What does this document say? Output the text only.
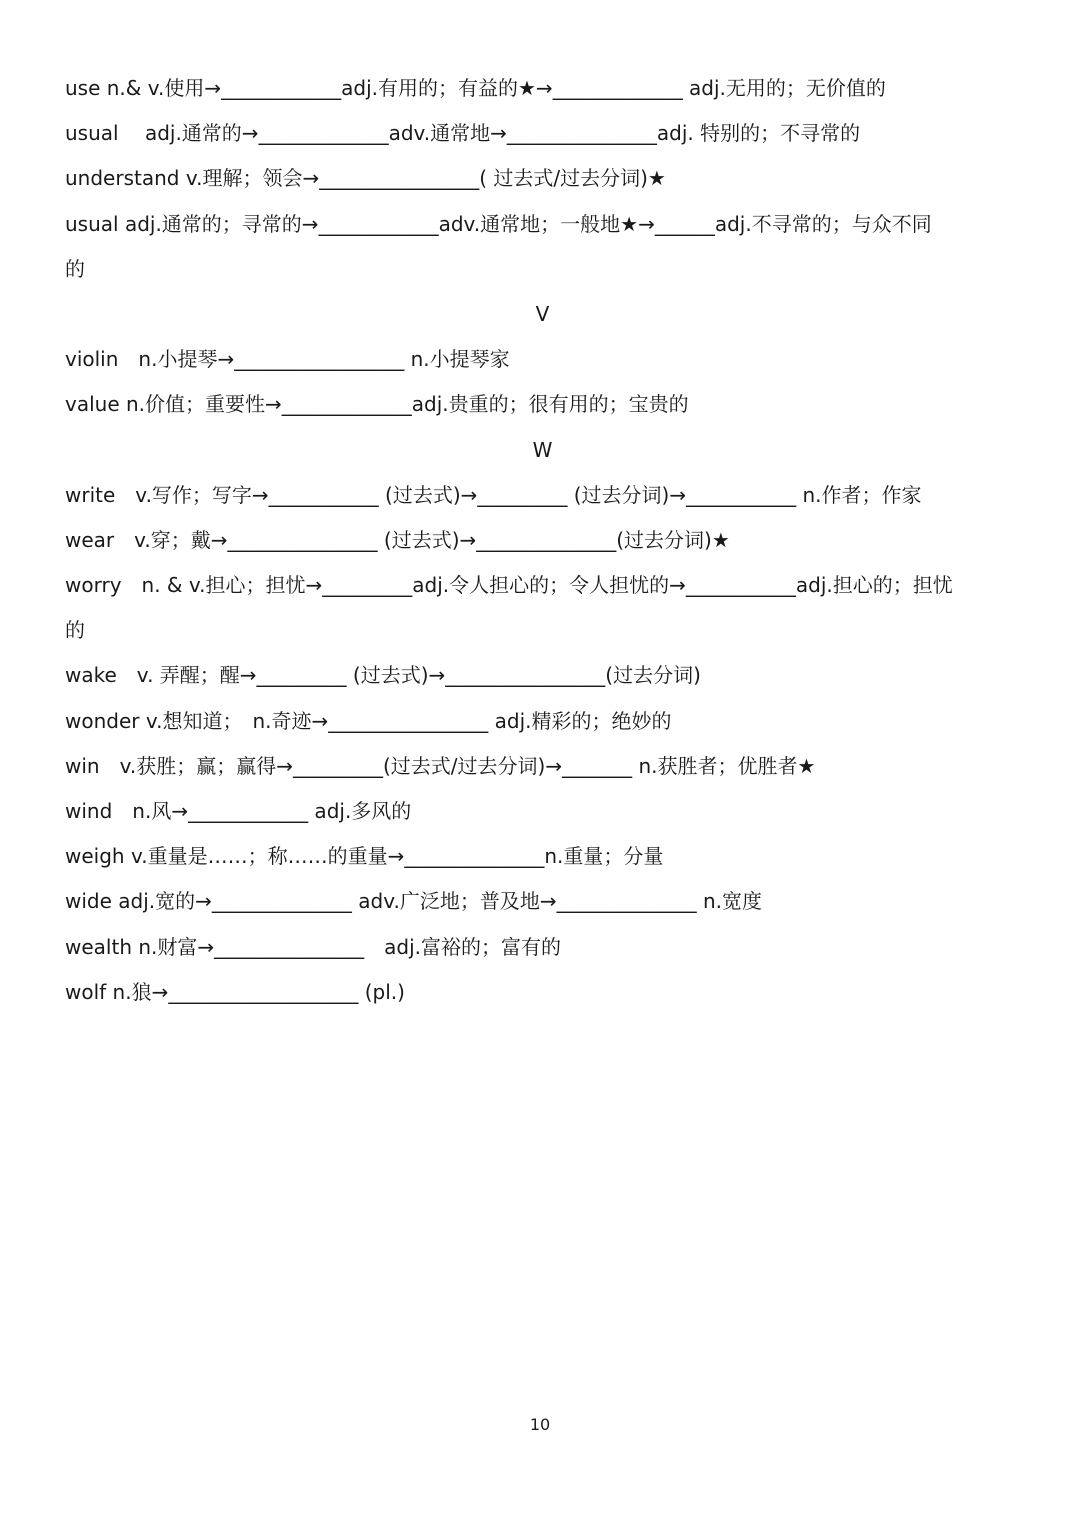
use n.& v.使用→____________adj.有用的；有益的★→_____________ adj.无用的；无价值的
usual　 adj.通常的→_____________adv.通常地→_______________adj. 特别的；不寻常的
understand v.理解；领会→________________( 过去式/过去分词)★
usual adj.通常的；寻常的→____________adv.通常地；一般地★→______adj.不寻常的；与众不同
的
V
violin　n.小提琴→_________________ n.小提琴家
value n.价值；重要性→_____________adj.贵重的；很有用的；宝贵的
W
write　v.写作；写字→___________ (过去式)→_________ (过去分词)→___________ n.作者；作家
wear　v.穿；戴→_______________ (过去式)→______________(过去分词)★
worry　n. & v.担心；担忧→_________adj.令人担心的；令人担忧的→___________adj.担心的；担忧
的
wake　v. 弄醒；醒→_________ (过去式)→________________(过去分词)
wonder v.想知道；　n.奇迹→________________ adj.精彩的；绝妙的
win　v.获胜；赢；赢得→_________(过去式/过去分词)→_______ n.获胜者；优胜者★
wind　n.风→____________ adj.多风的
weigh v.重量是……；称……的重量→______________n.重量；分量
wide adj.宽的→______________ adv.广泛地；普及地→______________ n.宽度
wealth n.财富→_______________　adj.富裕的；富有的
wolf n.狼→___________________ (pl.)
10
